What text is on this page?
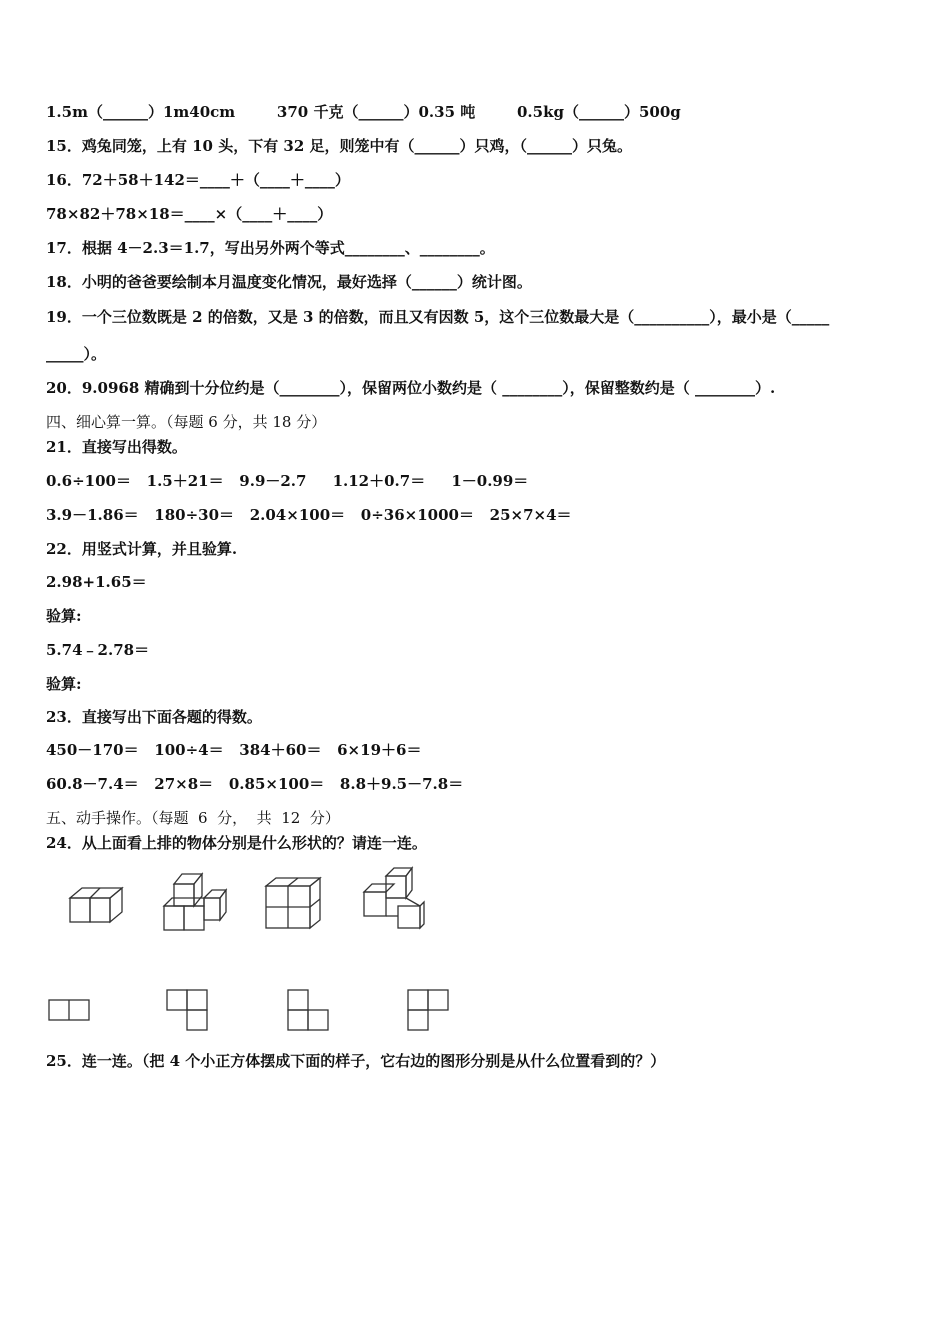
1.5m（______）1m40cm        370 千克（______）0.35 吨        0.5kg（______）500g
15．鸡兔同笼，上有 10 头，下有 32 足，则笼中有（______）只鸡，（______）只兔。
16．72＋58＋142＝____＋（____＋____）
78×82＋78×18＝____×（____＋____）
17．根据 4－2.3＝1.7，写出另外两个等式________、________。
18．小明的爸爸要绘制本月温度变化情况，最好选择（______）统计图。
19．一个三位数既是 2 的倍数，又是 3 的倍数，而且又有因数 5，这个三位数最大是（__________），最小是（_____
_____）。
20．9.0968 精确到十分位约是（________），保留两位小数约是（ ________），保留整数约是（ ________）.
四、细心算一算。（每题 6 分，共 18 分）
21．直接写出得数。
0.6÷100＝   1.5＋21＝   9.9－2.7     1.12＋0.7＝     1－0.99＝
3.9－1.86＝   180÷30＝   2.04×100＝   0÷36×1000＝   25×7×4＝
22．用竖式计算，并且验算.
2.98+1.65＝
验算:
5.74﹣2.78＝
验算:
23．直接写出下面各题的得数。
450－170＝   100÷4＝   384＋60＝   6×19＋6＝
60.8－7.4＝   27×8＝   0.85×100＝   8.8＋9.5－7.8＝
五、动手操作。（每题  6  分，  共  12  分）
24．从上面看上排的物体分别是什么形状的？请连一连。
25．连一连。（把 4 个小正方体摆成下面的样子，它右边的图形分别是从什么位置看到的？）
